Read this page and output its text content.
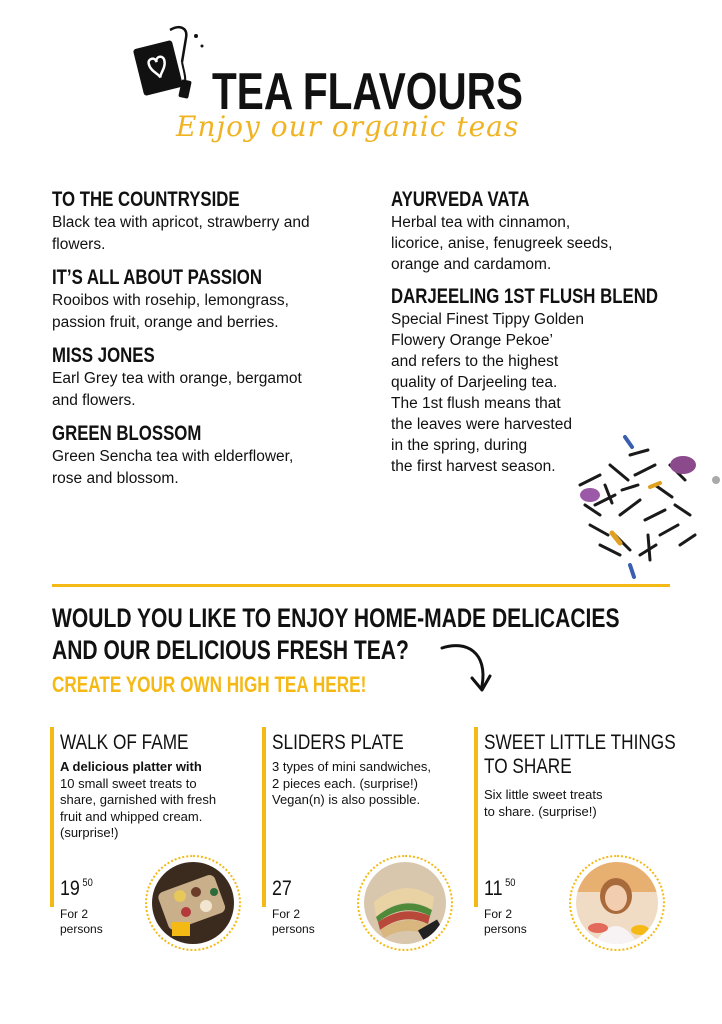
TEA FLAVOURS
Enjoy our organic teas
TO THE COUNTRYSIDE
Black tea with apricot, strawberry and
flowers.
IT’S ALL ABOUT PASSION
Rooibos with rosehip, lemongrass,
passion fruit, orange and berries.
MISS JONES
Earl Grey tea with orange, bergamot
and flowers.
GREEN BLOSSOM
Green Sencha tea with elderflower,
rose and blossom.
AYURVEDA VATA
Herbal tea with cinnamon,
licorice, anise, fenugreek seeds,
orange and cardamom.
DARJEELING 1ST FLUSH BLEND
Special Finest Tippy Golden
Flowery Orange Pekoe’
and refers to the highest
quality of Darjeeling tea.
The 1st flush means that
the leaves were harvested
in the spring, during
the first harvest season.
WOULD YOU LIKE TO ENJOY HOME-MADE DELICACIES
AND OUR DELICIOUS FRESH TEA?
CREATE YOUR OWN HIGH TEA HERE!
WALK OF FAME
A delicious platter with
10 small sweet treats to
share, garnished with fresh
fruit and whipped cream.
(surprise!)
19 $^{50}$
For 2
persons
SLIDERS PLATE
3 types of mini sandwiches,
2 pieces each. (surprise!)
Vegan(n) is also possible.
27
For 2
persons
SWEET LITTLE THINGS
TO SHARE
Six little sweet treats
to share. (surprise!)
11 $^{50}$
For 2
persons
